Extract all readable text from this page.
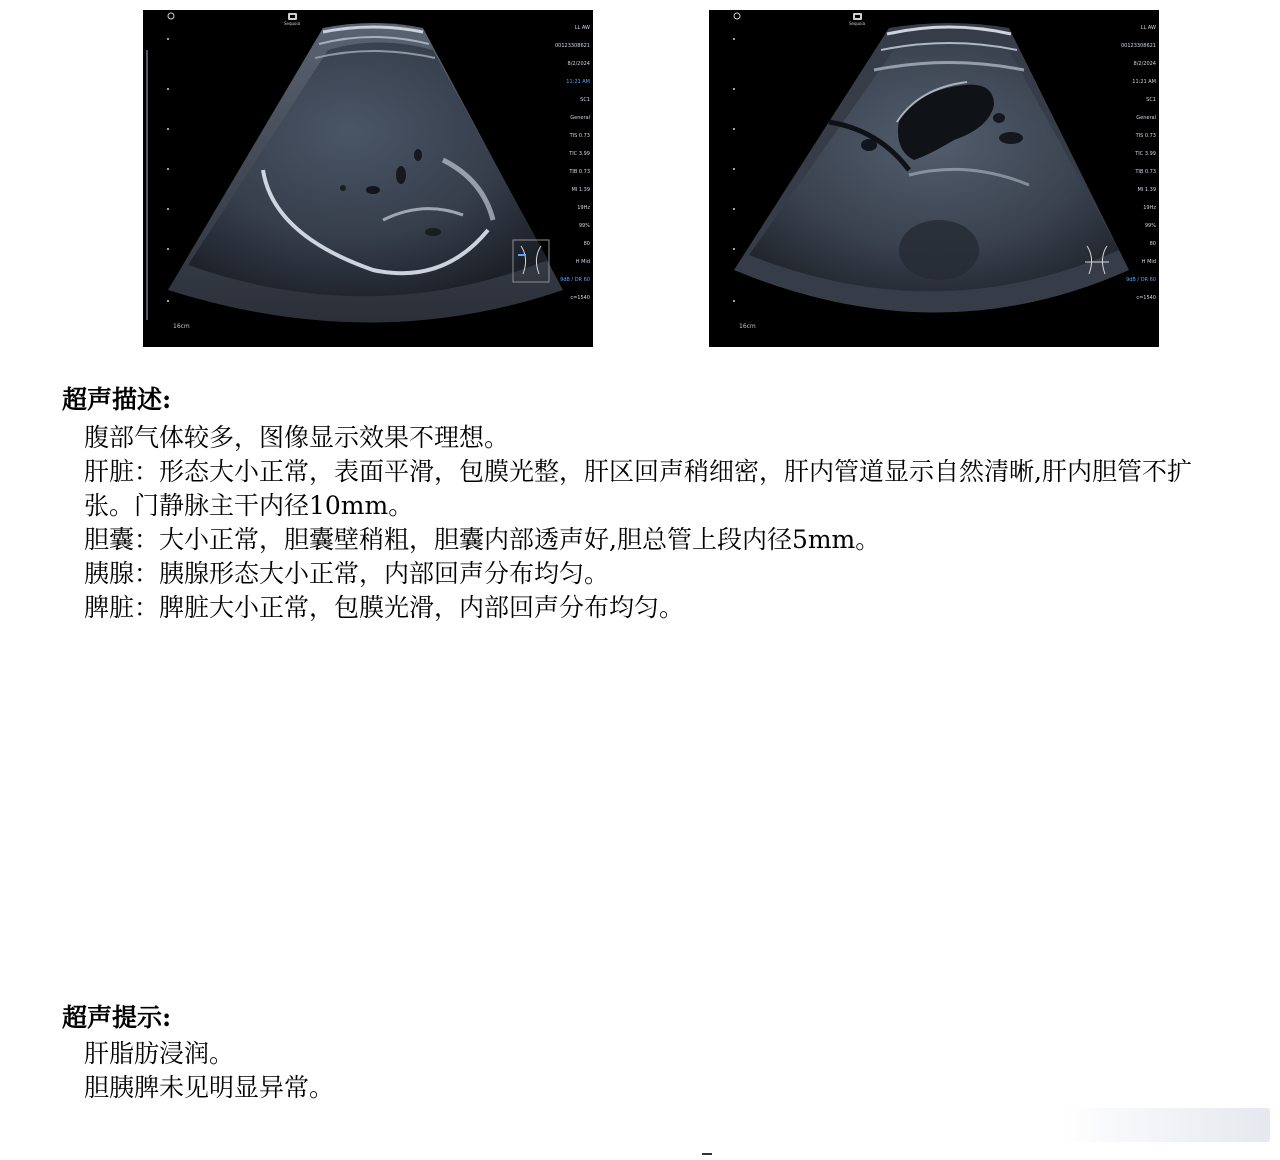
Sequoia

LL AW

00123308621

8/2/2024

11:21 AM

SC1

General

TIS 0.73

TIC 3.99

TIB 0.73

MI 1.39

19Hz

99%

80

H Mid

9dB / DR 60

c=1540

16cm
Sequoia

LL AW

00123308621

8/2/2024

11:21 AM

SC1

General

TIS 0.73

TIC 3.99

TIB 0.73

MI 1.39

19Hz

99%

80

H Mid

9dB / DR 60

c=1540

16cm
超声描述:

腹部气体较多，图像显示效果不理想。

肝脏：形态大小正常，表面平滑，包膜光整，肝区回声稍细密，肝内管道显示自然清晰,肝内胆管不扩张。门静脉主干内径10mm。

胆囊：大小正常，胆囊壁稍粗，胆囊内部透声好,胆总管上段内径5mm。

胰腺：胰腺形态大小正常，内部回声分布均匀。

脾脏：脾脏大小正常，包膜光滑，内部回声分布均匀。

超声提示:

肝脂肪浸润。

胆胰脾未见明显异常。
